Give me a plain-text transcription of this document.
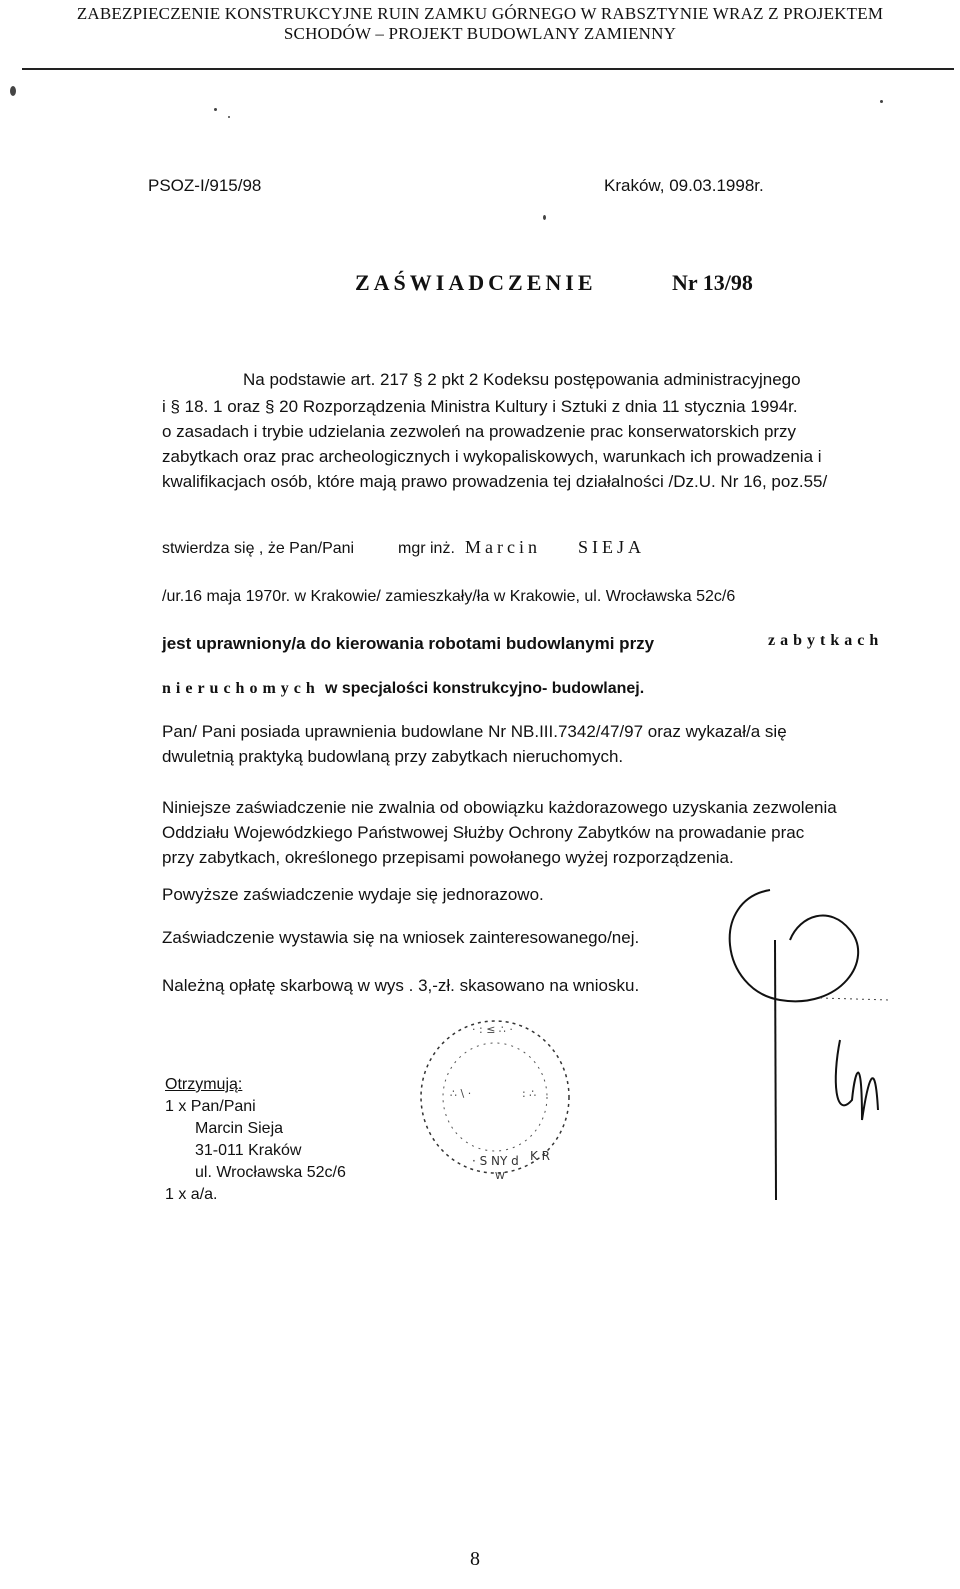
ZABEZPIECZENIE KONSTRUKCYJNE RUIN ZAMKU GÓRNEGO W RABSZTYNIE WRAZ Z PROJEKTEM
SCHODÓW – PROJEKT BUDOWLANY ZAMIENNY
PSOZ-I/915/98	Kraków, 09.03.1998r.
ZAŚWIADCZENIE	Nr 13/98
Na podstawie art. 217 § 2 pkt 2 Kodeksu postępowania administracyjnego
i § 18. 1 oraz § 20 Rozporządzenia Ministra Kultury i Sztuki z dnia 11 stycznia 1994r.
o zasadach i trybie udzielania zezwoleń na prowadzenie prac konserwatorskich przy
zabytkach oraz prac archeologicznych i wykopaliskowych, warunkach ich prowadzenia i
kwalifikacjach osób, które mają prawo prowadzenia tej działalności /Dz.U. Nr 16, poz.55/
stwierdza się , że Pan/Pani	mgr inż. Marcin SIEJA
/ur.16 maja 1970r. w Krakowie/ zamieszkały/ła w Krakowie, ul. Wrocławska 52c/6
jest uprawniony/a do kierowania robotami budowlanymi przy	zabytkach
nieruchomych w specjalości konstrukcyjno- budowlanej.
Pan/ Pani posiada uprawnienia budowlane Nr NB.III.7342/47/97 oraz wykazał/a się
dwuletnią praktyką budowlaną przy zabytkach nieruchomych.
Niniejsze zaświadczenie nie zwalnia od obowiązku każdorazowego uzyskania zezwolenia
Oddziału Wojewódzkiego Państwowej Służby Ochrony Zabytków na prowadanie prac
przy zabytkach, określonego przepisami powołanego wyżej rozporządzenia.
Powyższe zaświadczenie wydaje się jednorazowo.
Zaświadczenie wystawia się na wniosek zainteresowanego/nej.
Należną opłatę skarbową w wys . 3,-zł. skasowano na wniosku.
Otrzymują:
1 x Pan/Pani
Marcin Sieja
31-011 Kraków
ul. Wrocławska 52c/6
1 x a/a.
· : ≤ ∴ ·
∴ \ ·	: ∴
· S NY d K R
W
8
